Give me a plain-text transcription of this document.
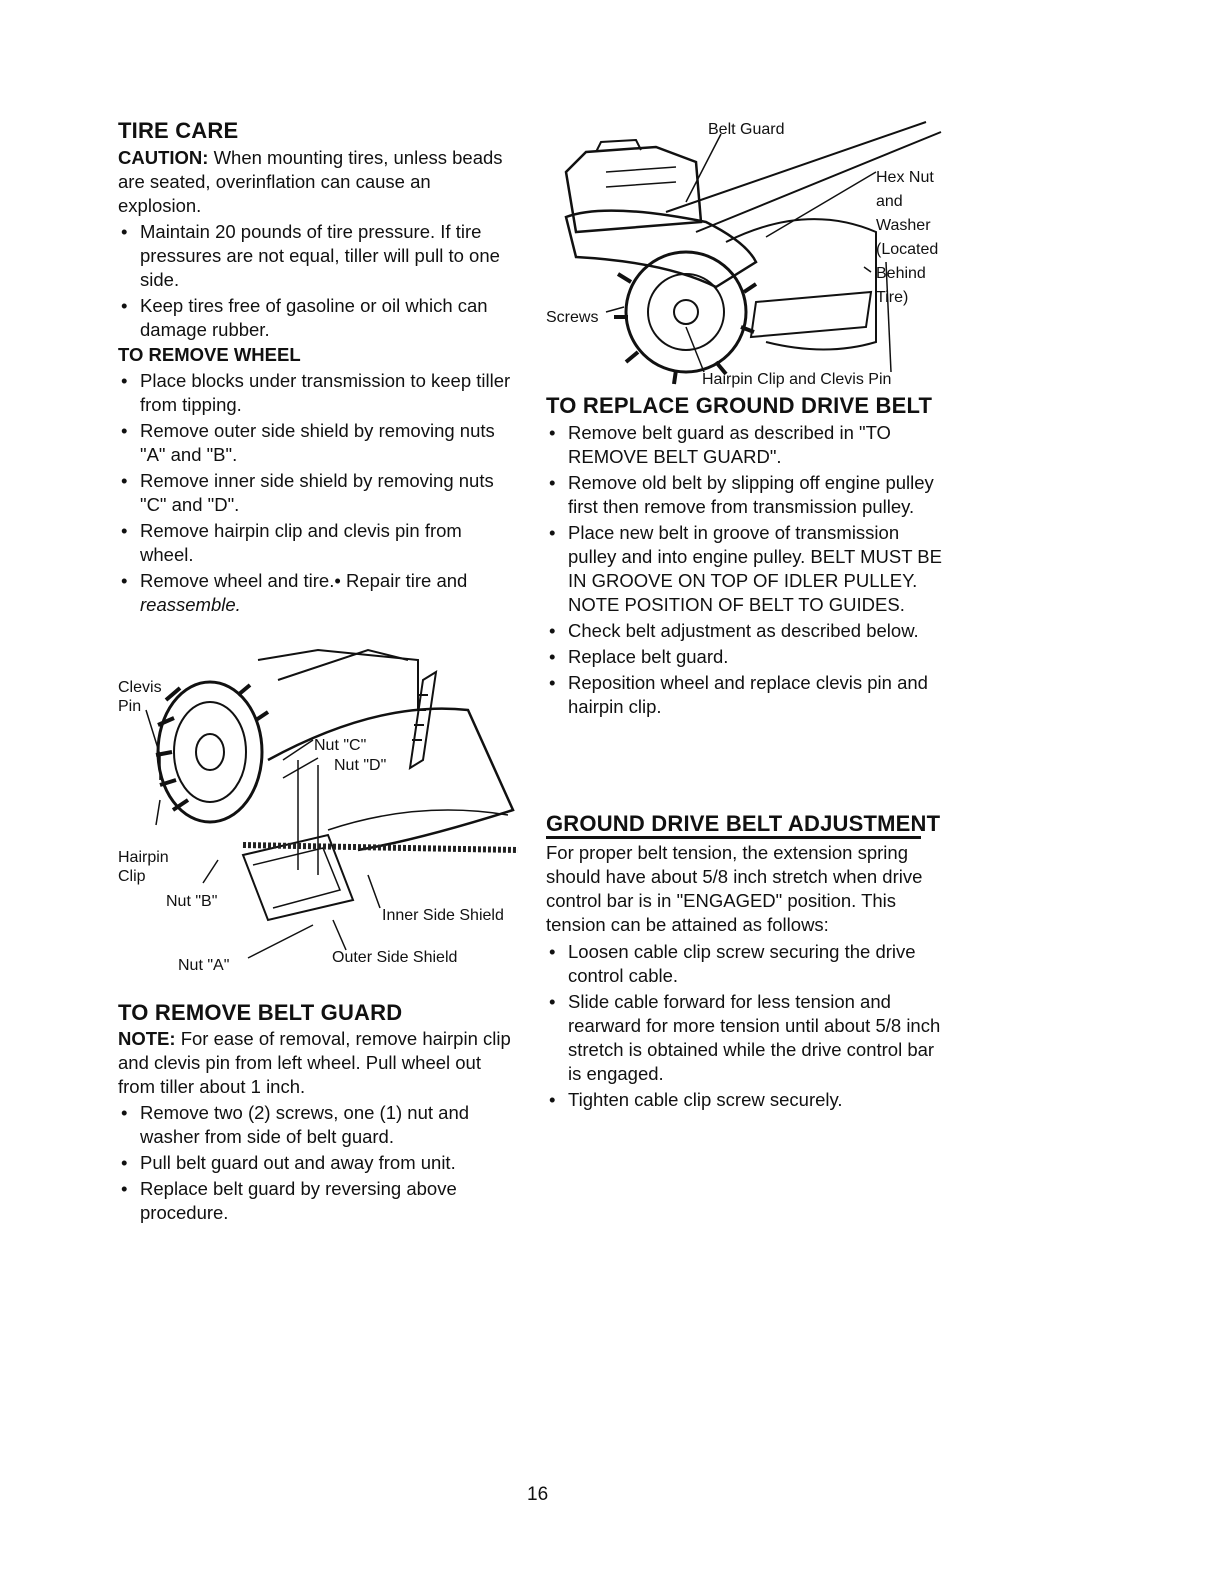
TIRE CARE

CAUTION: When mounting tires, unless beads are seated, overinflation can cause an explosion.

• Maintain 20 pounds of tire pressure. If tire pressures are not equal, tiller will pull to one side.
• Keep tires free of gasoline or oil which can damage rubber.
TO REMOVE WHEEL
• Place blocks under transmission to keep tiller from tipping.
• Remove outer side shield by removing nuts "A" and "B".
• Remove inner side shield by removing nuts "C" and "D".
• Remove hairpin clip and clevis pin from wheel.
• Remove wheel and tire.• Repair tire and reassemble.
Clevis Pin
Nut "C"
Nut "D"
Hairpin Clip
Nut "B"
Inner Side Shield
Nut "A"	Outer Side Shield
TO REMOVE BELT GUARD

NOTE: For ease of removal, remove hairpin clip and clevis pin from left wheel. Pull wheel out from tiller about 1 inch.

• Remove two (2) screws, one (1) nut and washer from side of belt guard.
• Pull belt guard out and away from unit.
• Replace belt guard by reversing above procedure.
Belt Guard
Hex Nut and Washer (Located Behind Tire)
Screws
Hairpin Clip and Clevis Pin
TO REPLACE GROUND DRIVE BELT
• Remove belt guard as described in "TO REMOVE BELT GUARD".
• Remove old belt by slipping off engine pulley first then remove from transmission pulley.
• Place new belt in groove of transmission pulley and into engine pulley. BELT MUST BE IN GROOVE ON TOP OF IDLER PULLEY. NOTE POSITION OF BELT TO GUIDES.
• Check belt adjustment as described below.
• Replace belt guard.
• Reposition wheel and replace clevis pin and hairpin clip.
GROUND DRIVE BELT ADJUSTMENT

For proper belt tension, the extension spring should have about 5/8 inch stretch when drive control bar is in "ENGAGED" position. This tension can be attained as follows:

• Loosen cable clip screw securing the drive control cable.
• Slide cable forward for less tension and rearward for more tension until about 5/8 inch stretch is obtained while the drive control bar is engaged.
• Tighten cable clip screw securely.
16
